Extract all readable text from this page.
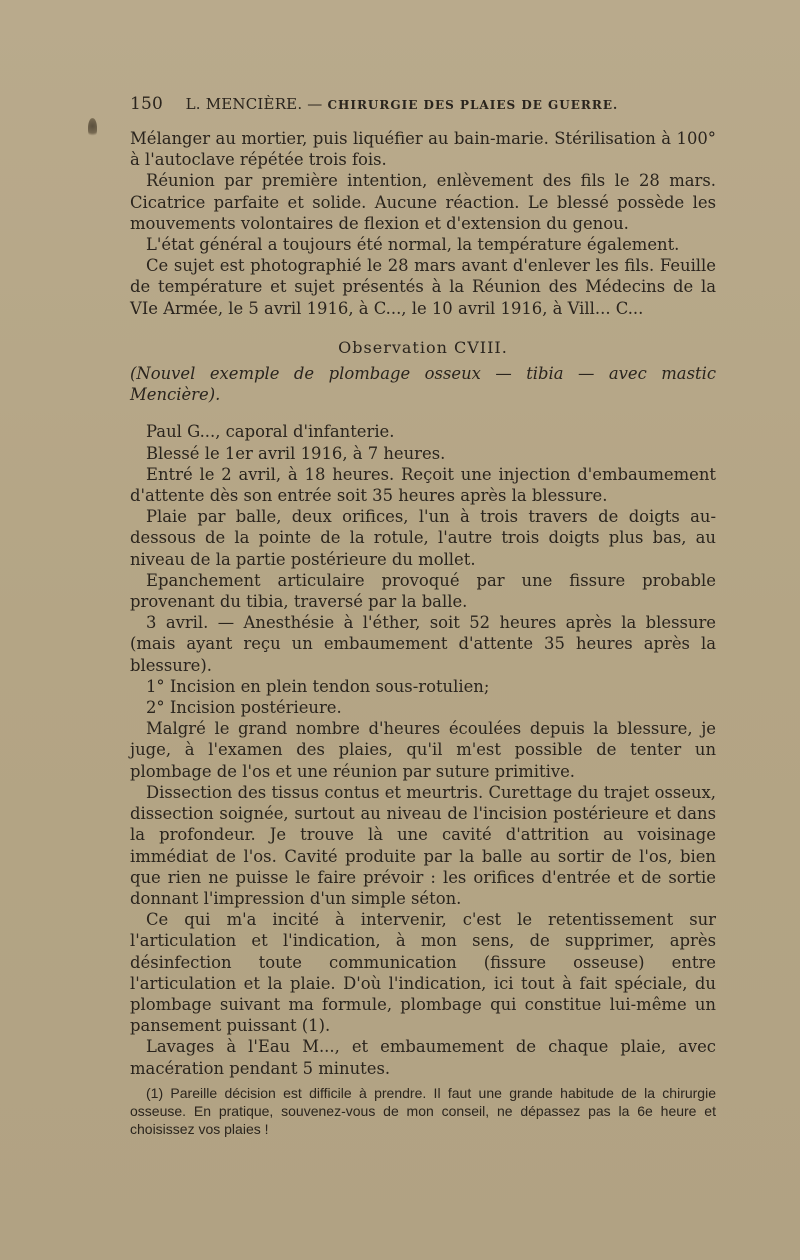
150 L. MENCIÈRE. — CHIRURGIE DES PLAIES DE GUERRE.

Mélanger au mortier, puis liquéfier au bain-marie. Stérilisation à 100° à l'autoclave répétée trois fois.

Réunion par première intention, enlèvement des fils le 28 mars. Cicatrice parfaite et solide. Aucune réaction. Le blessé possède les mouvements volontaires de flexion et d'extension du genou.

L'état général a toujours été normal, la température également.

Ce sujet est photographié le 28 mars avant d'enlever les fils. Feuille de température et sujet présentés à la Réunion des Médecins de la VIe Armée, le 5 avril 1916, à C..., le 10 avril 1916, à Vill... C...

Observation CVIII.

(Nouvel exemple de plombage osseux — tibia — avec mastic Mencière).

Paul G..., caporal d'infanterie.

Blessé le 1er avril 1916, à 7 heures.

Entré le 2 avril, à 18 heures. Reçoit une injection d'embaumement d'attente dès son entrée soit 35 heures après la blessure.

Plaie par balle, deux orifices, l'un à trois travers de doigts au-dessous de la pointe de la rotule, l'autre trois doigts plus bas, au niveau de la partie postérieure du mollet.

Epanchement articulaire provoqué par une fissure probable provenant du tibia, traversé par la balle.

3 avril. — Anesthésie à l'éther, soit 52 heures après la blessure (mais ayant reçu un embaumement d'attente 35 heures après la blessure).

1° Incision en plein tendon sous-rotulien;

2° Incision postérieure.

Malgré le grand nombre d'heures écoulées depuis la blessure, je juge, à l'examen des plaies, qu'il m'est possible de tenter un plombage de l'os et une réunion par suture primitive.

Dissection des tissus contus et meurtris. Curettage du trajet osseux, dissection soignée, surtout au niveau de l'incision postérieure et dans la profondeur. Je trouve là une cavité d'attrition au voisinage immédiat de l'os. Cavité produite par la balle au sortir de l'os, bien que rien ne puisse le faire prévoir : les orifices d'entrée et de sortie donnant l'impression d'un simple séton.

Ce qui m'a incité à intervenir, c'est le retentissement sur l'articulation et l'indication, à mon sens, de supprimer, après désinfection toute communication (fissure osseuse) entre l'articulation et la plaie. D'où l'indication, ici tout à fait spéciale, du plombage suivant ma formule, plombage qui constitue lui-même un pansement puissant (1).

Lavages à l'Eau M..., et embaumement de chaque plaie, avec macération pendant 5 minutes.

(1) Pareille décision est difficile à prendre. Il faut une grande habitude de la chirurgie osseuse. En pratique, souvenez-vous de mon conseil, ne dépassez pas la 6e heure et choisissez vos plaies !
